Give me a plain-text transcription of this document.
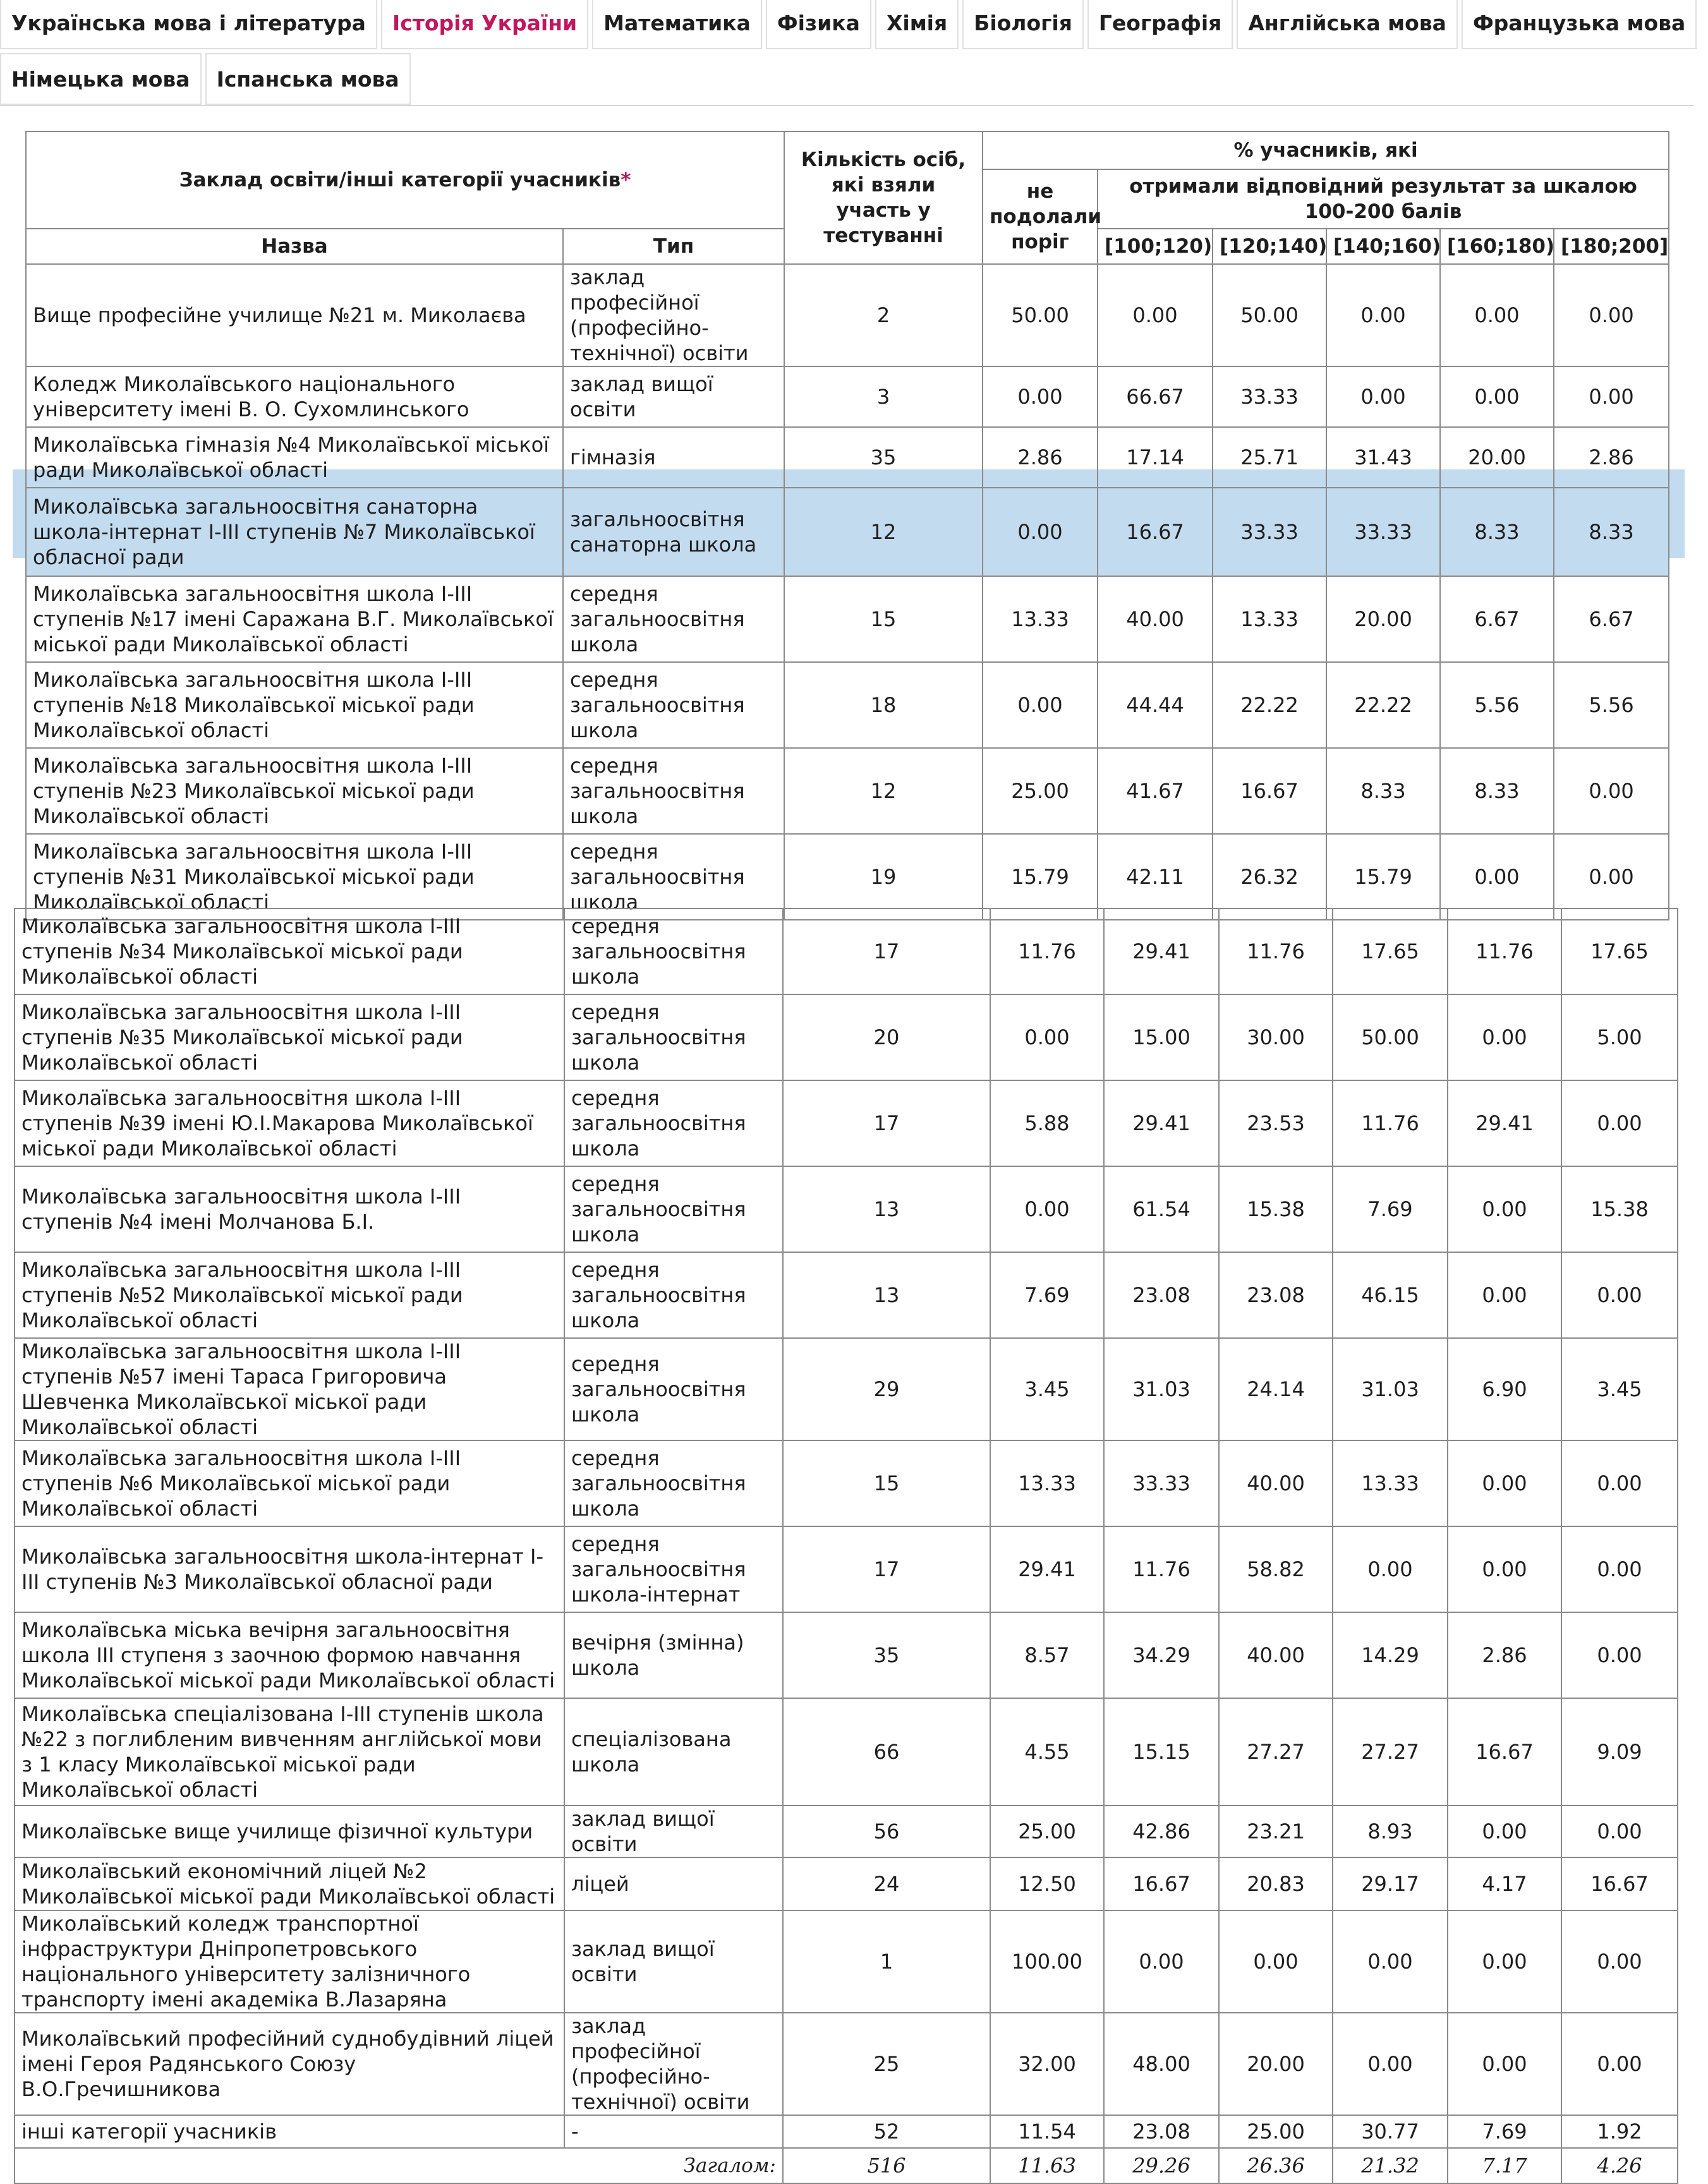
Українська мова і література	Історія України	Математика	Фізика	Хімія	Біологія	Географія	Англійська мова	Французька мова
Німецька мова	Іспанська мова
Заклад освіти/інші категорії учасників*		Кількість осіб, які взяли участь у тестуванні	% учасників, які					
			не подолали поріг	отримали відповідний результат за шкалою 100-200 балів				
Назва	Тип			[100;120)	[120;140)	[140;160)	[160;180)	[180;200]
Вище професійне училище №21 м. Миколаєва	заклад професійної (професійно-технічної) освіти	2	50.00	0.00	50.00	0.00	0.00	0.00
Коледж Миколаївського національного університету імені В. О. Сухомлинського	заклад вищої освіти	3	0.00	66.67	33.33	0.00	0.00	0.00
Миколаївська гімназія №4 Миколаївської міської ради Миколаївської області	гімназія	35	2.86	17.14	25.71	31.43	20.00	2.86
Миколаївська загальноосвітня санаторна школа-інтернат І-ІІІ ступенів №7 Миколаївської обласної ради	загальноосвітня санаторна школа	12	0.00	16.67	33.33	33.33	8.33	8.33
Миколаївська загальноосвітня школа І-ІІІ ступенів №17 імені Саражана В.Г. Миколаївської міської ради Миколаївської області	середня загальноосвітня школа	15	13.33	40.00	13.33	20.00	6.67	6.67
Миколаївська загальноосвітня школа І-ІІІ ступенів №18 Миколаївської міської ради Миколаївської області	середня загальноосвітня школа	18	0.00	44.44	22.22	22.22	5.56	5.56
Миколаївська загальноосвітня школа І-ІІІ ступенів №23 Миколаївської міської ради Миколаївської області	середня загальноосвітня школа	12	25.00	41.67	16.67	8.33	8.33	0.00
Миколаївська загальноосвітня школа І-ІІІ ступенів №31 Миколаївської міської ради Миколаївської області	середня загальноосвітня школа	19	15.79	42.11	26.32	15.79	0.00	0.00
Миколаївська загальноосвітня школа І-ІІІ ступенів №34 Миколаївської міської ради Миколаївської області	середня загальноосвітня школа	17	11.76	29.41	11.76	17.65	11.76	17.65
Миколаївська загальноосвітня школа І-ІІІ ступенів №35 Миколаївської міської ради Миколаївської області	середня загальноосвітня школа	20	0.00	15.00	30.00	50.00	0.00	5.00
Миколаївська загальноосвітня школа І-ІІІ ступенів №39 імені Ю.І.Макарова Миколаївської міської ради Миколаївської області	середня загальноосвітня школа	17	5.88	29.41	23.53	11.76	29.41	0.00
Миколаївська загальноосвітня школа І-ІІІ ступенів №4 імені Молчанова Б.І.	середня загальноосвітня школа	13	0.00	61.54	15.38	7.69	0.00	15.38
Миколаївська загальноосвітня школа І-ІІІ ступенів №52 Миколаївської міської ради Миколаївської області	середня загальноосвітня школа	13	7.69	23.08	23.08	46.15	0.00	0.00
Миколаївська загальноосвітня школа І-ІІІ ступенів №57 імені Тараса Григоровича Шевченка Миколаївської міської ради Миколаївської області	середня загальноосвітня школа	29	3.45	31.03	24.14	31.03	6.90	3.45
Миколаївська загальноосвітня школа І-ІІІ ступенів №6 Миколаївської міської ради Миколаївської області	середня загальноосвітня школа	15	13.33	33.33	40.00	13.33	0.00	0.00
Миколаївська загальноосвітня школа-інтернат І-ІІІ ступенів №3 Миколаївської обласної ради	середня загальноосвітня школа-інтернат	17	29.41	11.76	58.82	0.00	0.00	0.00
Миколаївська міська вечірня загальноосвітня школа ІІІ ступеня з заочною формою навчання Миколаївської міської ради Миколаївської області	вечірня (змінна) школа	35	8.57	34.29	40.00	14.29	2.86	0.00
Миколаївська спеціалізована І-ІІІ ступенів школа №22 з поглибленим вивченням англійської мови з 1 класу Миколаївської міської ради Миколаївської області	спеціалізована школа	66	4.55	15.15	27.27	27.27	16.67	9.09
Миколаївське вище училище фізичної культури	заклад вищої освіти	56	25.00	42.86	23.21	8.93	0.00	0.00
Миколаївський економічний ліцей №2 Миколаївської міської ради Миколаївської області	ліцей	24	12.50	16.67	20.83	29.17	4.17	16.67
Миколаївський коледж транспортної інфраструктури Дніпропетровського національного університету залізничного транспорту імені академіка В.Лазаряна	заклад вищої освіти	1	100.00	0.00	0.00	0.00	0.00	0.00
Миколаївський професійний суднобудівний ліцей імені Героя Радянського Союзу В.О.Гречишникова	заклад професійної (професійно-технічної) освіти	25	32.00	48.00	20.00	0.00	0.00	0.00
інші категорії учасників	-	52	11.54	23.08	25.00	30.77	7.69	1.92
Загалом:		516	11.63	29.26	26.36	21.32	7.17	4.26
